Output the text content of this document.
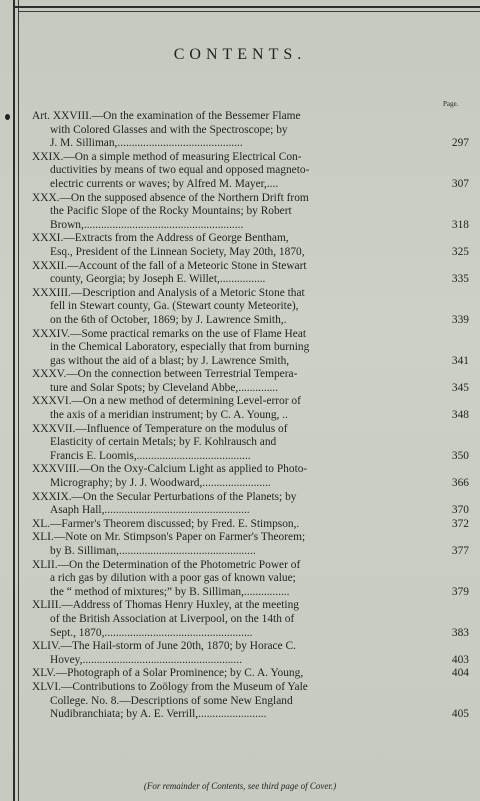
CONTENTS.
Page.
Art. XXVIII.—On the examination of the Bessemer Flame
with Colored Glasses and with the Spectroscope; by
J. M. Silliman,............................................	297
XXIX.—On a simple method of measuring Electrical Con-
ductivities by means of two equal and opposed magneto-
electric currents or waves; by Alfred M. Mayer,....	307
XXX.—On the supposed absence of the Northern Drift from
the Pacific Slope of the Rocky Mountains; by Robert
Brown,........................................................	318
XXXI.—Extracts from the Address of George Bentham,
Esq., President of the Linnean Society, May 20th, 1870,	325
XXXII.—Account of the fall of a Meteoric Stone in Stewart
county, Georgia; by Joseph E. Willet,................	335
XXXIII.—Description and Analysis of a Metoric Stone that
fell in Stewart county, Ga. (Stewart county Meteorite),
on the 6th of October, 1869; by J. Lawrence Smith,.	339
XXXIV.—Some practical remarks on the use of Flame Heat
in the Chemical Laboratory, especially that from burning
gas without the aid of a blast; by J. Lawrence Smith,	341
XXXV.—On the connection between Terrestrial Tempera-
ture and Solar Spots; by Cleveland Abbe,..............	345
XXXVI.—On a new method of determining Level-error of
the axis of a meridian instrument; by C. A. Young, ..	348
XXXVII.—Influence of Temperature on the modulus of
Elasticity of certain Metals; by F. Kohlrausch and
Francis E. Loomis,........................................	350
XXXVIII.—On the Oxy-Calcium Light as applied to Photo-
Micrography; by J. J. Woodward,........................	366
XXXIX.—On the Secular Perturbations of the Planets; by
Asaph Hall,...................................................	370
XL.—Farmer's Theorem discussed; by Fred. E. Stimpson,.	372
XLI.—Note on Mr. Stimpson's Paper on Farmer's Theorem;
by B. Silliman,................................................	377
XLII.—On the Determination of the Photometric Power of
a rich gas by dilution with a poor gas of known value;
the “ method of mixtures;” by B. Silliman,................	379
XLIII.—Address of Thomas Henry Huxley, at the meeting
of the British Association at Liverpool, on the 14th of
Sept., 1870,....................................................	383
XLIV.—The Hail-storm of June 20th, 1870; by Horace C.
Hovey,........................................................	403
XLV.—Photograph of a Solar Prominence; by C. A. Young,	404
XLVI.—Contributions to Zoölogy from the Museum of Yale
College. No. 8.—Descriptions of some New England
Nudibranchiata; by A. E. Verrill,........................	405
(For remainder of Contents, see third page of Cover.)
